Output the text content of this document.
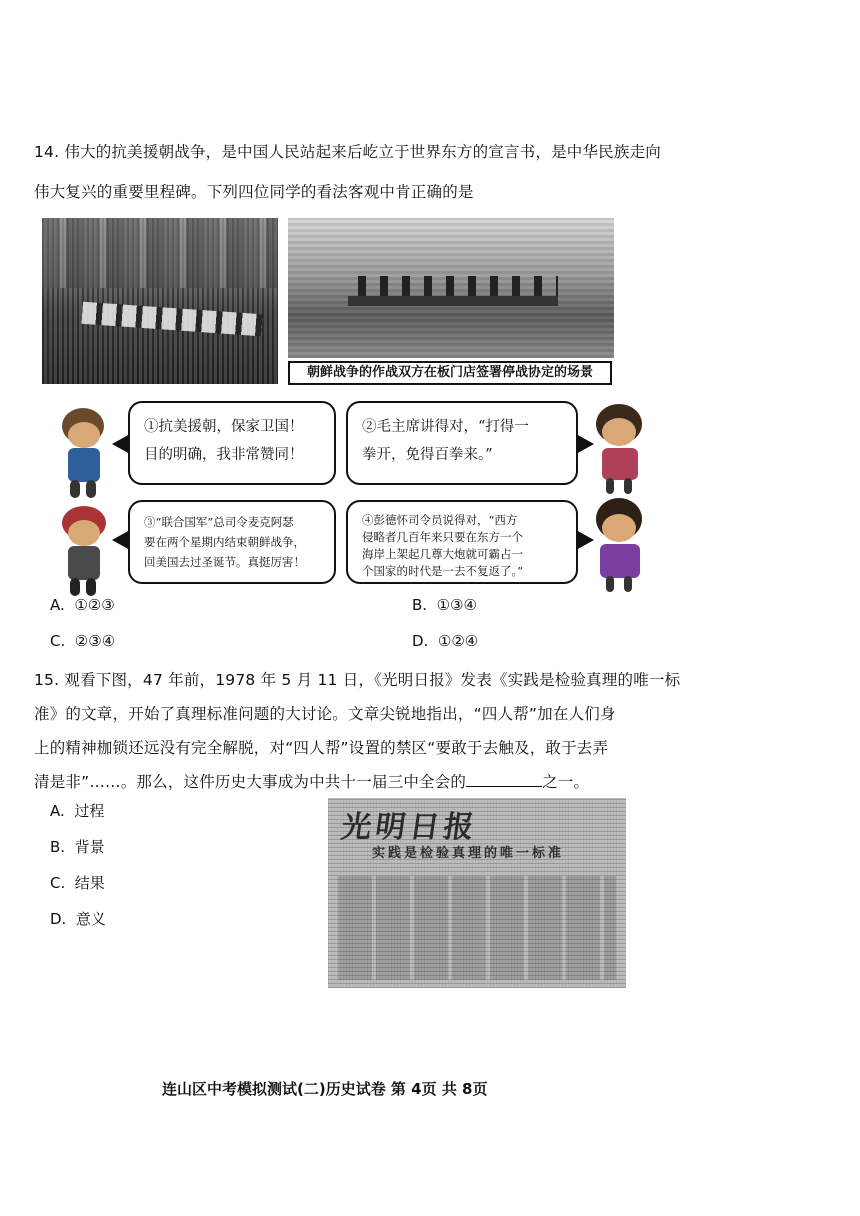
14. 伟大的抗美援朝战争，是中国人民站起来后屹立于世界东方的宣言书，是中华民族走向
伟大复兴的重要里程碑。下列四位同学的看法客观中肯正确的是
朝鲜战争的作战双方在板门店签署停战协定的场景
①抗美援朝，保家卫国！
目的明确，我非常赞同！
②毛主席讲得对，“打得一
拳开，免得百拳来。”
③“联合国军”总司令麦克阿瑟
要在两个星期内结束朝鲜战争，
回美国去过圣诞节。真挺厉害！
④彭德怀司令员说得对，“西方
侵略者几百年来只要在东方一个
海岸上架起几尊大炮就可霸占一
个国家的时代是一去不复返了。”
A. ①②③	B. ①③④
C. ②③④	D. ①②④
15. 观看下图，47 年前，1978 年 5 月 11 日，《光明日报》发表《实践是检验真理的唯一标
准》的文章，开始了真理标准问题的大讨论。文章尖锐地指出，“四人帮”加在人们身
上的精神枷锁还远没有完全解脱，对“四人帮”设置的禁区“要敢于去触及，敢于去弄
清是非”……。那么，这件历史大事成为中共十一届三中全会的	之一。
A. 过程
B. 背景
C. 结果
D. 意义
光明日报
实践是检验真理的唯一标准
连山区中考模拟测试(二)历史试卷 第 4页 共 8页
